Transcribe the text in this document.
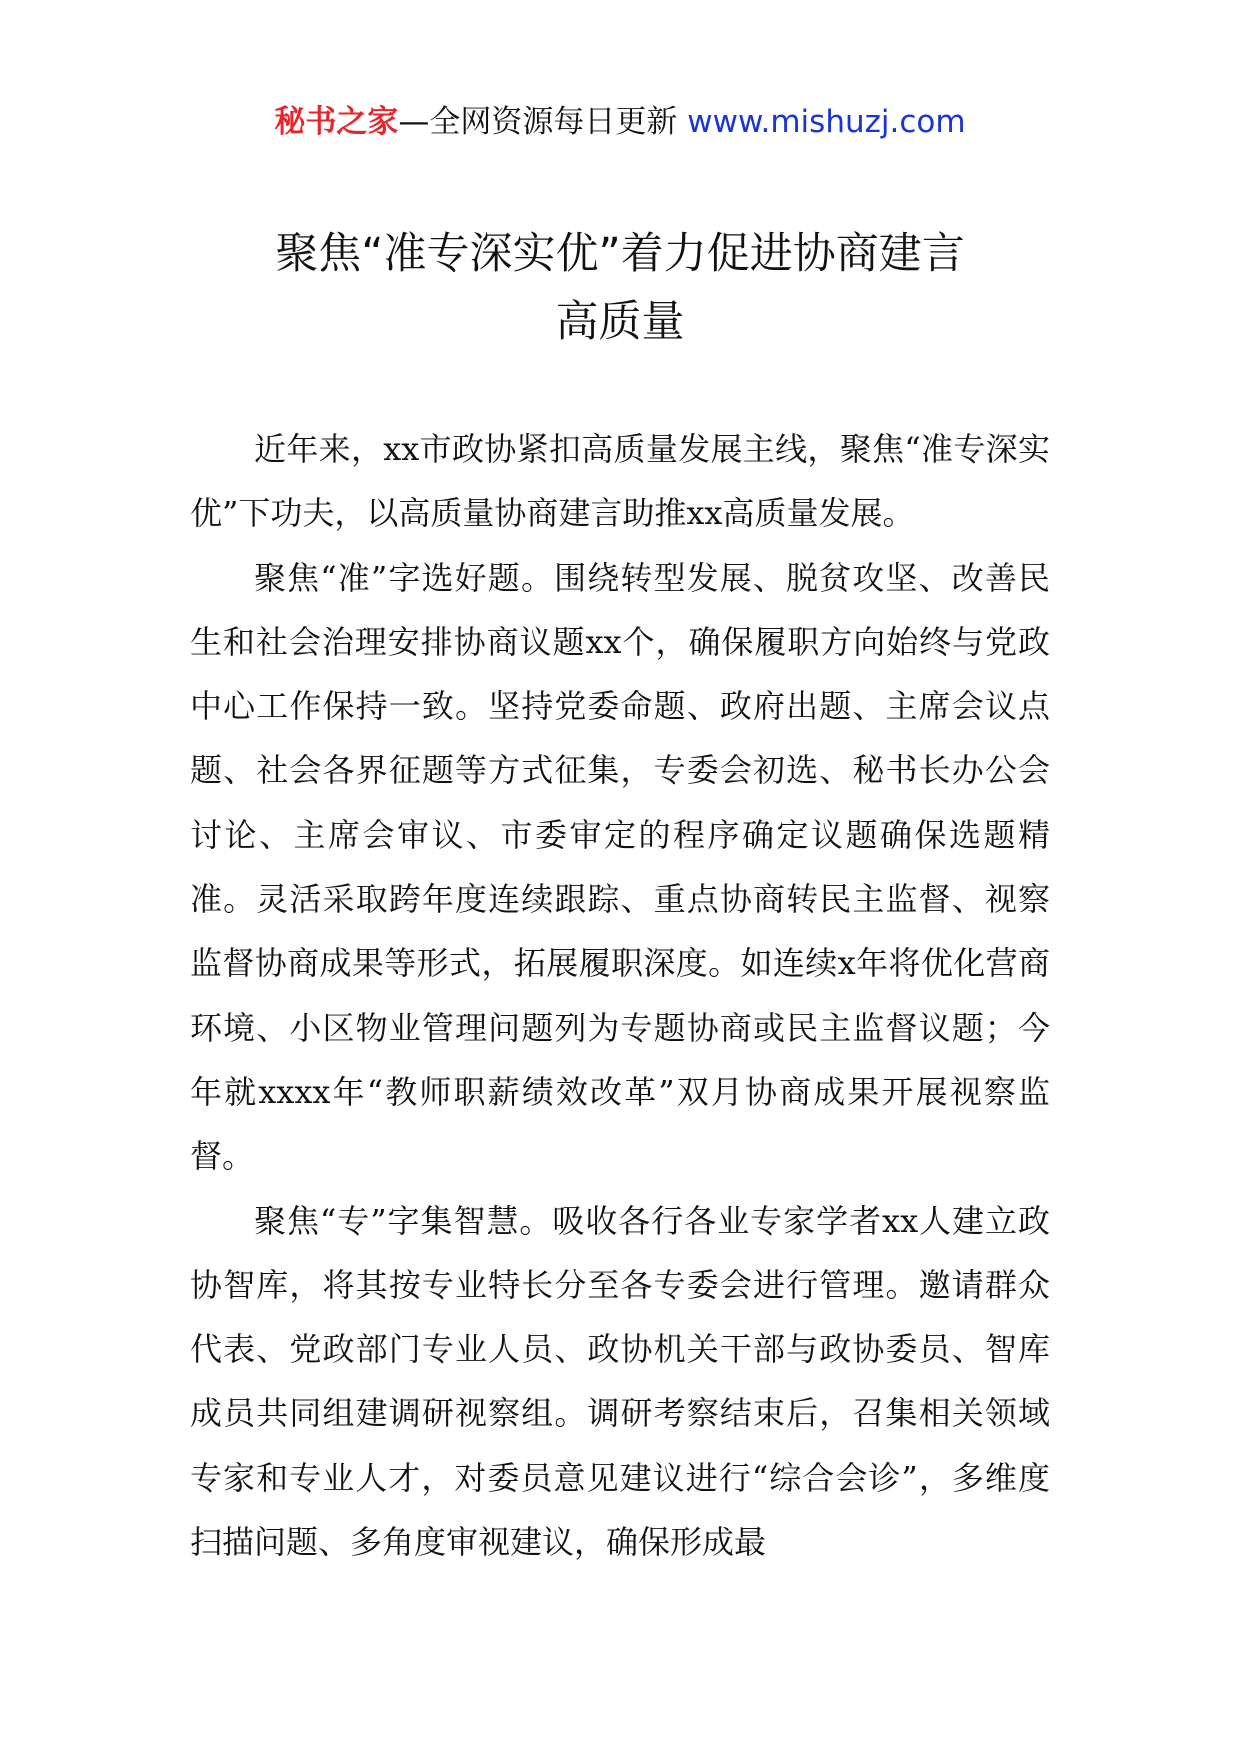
秘书之家—全网资源每日更新 www.mishuzj.com
聚焦“准专深实优”着力促进协商建言
高质量

近年来，xx市政协紧扣高质量发展主线，聚焦“准专深实优”下功夫，以高质量协商建言助推xx高质量发展。

聚焦“准”字选好题。围绕转型发展、脱贫攻坚、改善民生和社会治理安排协商议题xx个，确保履职方向始终与党政中心工作保持一致。坚持党委命题、政府出题、主席会议点题、社会各界征题等方式征集，专委会初选、秘书长办公会讨论、主席会审议、市委审定的程序确定议题确保选题精准。灵活采取跨年度连续跟踪、重点协商转民主监督、视察监督协商成果等形式，拓展履职深度。如连续x年将优化营商环境、小区物业管理问题列为专题协商或民主监督议题；今年就xxxx年“教师职薪绩效改革”双月协商成果开展视察监督。

聚焦“专”字集智慧。吸收各行各业专家学者xx人建立政协智库，将其按专业特长分至各专委会进行管理。邀请群众代表、党政部门专业人员、政协机关干部与政协委员、智库成员共同组建调研视察组。调研考察结束后，召集相关领域专家和专业人才，对委员意见建议进行“综合会诊”，多维度扫描问题、多角度审视建议，确保形成最
